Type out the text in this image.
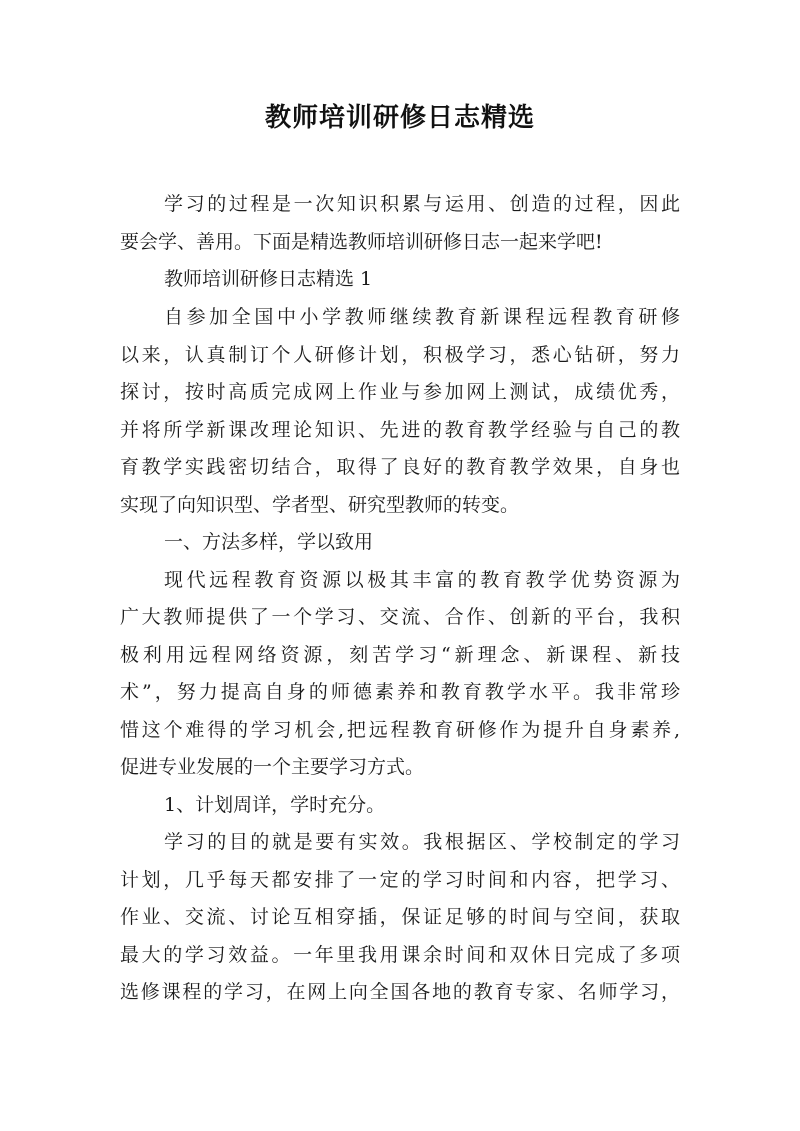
教师培训研修日志精选
学习的过程是一次知识积累与运用、创造的过程，因此
要会学、善用。下面是精选教师培训研修日志一起来学吧!
教师培训研修日志精选 1
自参加全国中小学教师继续教育新课程远程教育研修
以来，认真制订个人研修计划，积极学习，悉心钻研，努力
探讨，按时高质完成网上作业与参加网上测试，成绩优秀，
并将所学新课改理论知识、先进的教育教学经验与自己的教
育教学实践密切结合，取得了良好的教育教学效果，自身也
实现了向知识型、学者型、研究型教师的转变。
一、方法多样，学以致用
现代远程教育资源以极其丰富的教育教学优势资源为
广大教师提供了一个学习、交流、合作、创新的平台，我积
极利用远程网络资源，刻苦学习“新理念、新课程、新技
术”，努力提高自身的师德素养和教育教学水平。我非常珍
惜这个难得的学习机会,把远程教育研修作为提升自身素养,
促进专业发展的一个主要学习方式。
1、计划周详，学时充分。
学习的目的就是要有实效。我根据区、学校制定的学习
计划，几乎每天都安排了一定的学习时间和内容，把学习、
作业、交流、讨论互相穿插，保证足够的时间与空间，获取
最大的学习效益。一年里我用课余时间和双休日完成了多项
选修课程的学习，在网上向全国各地的教育专家、名师学习，
